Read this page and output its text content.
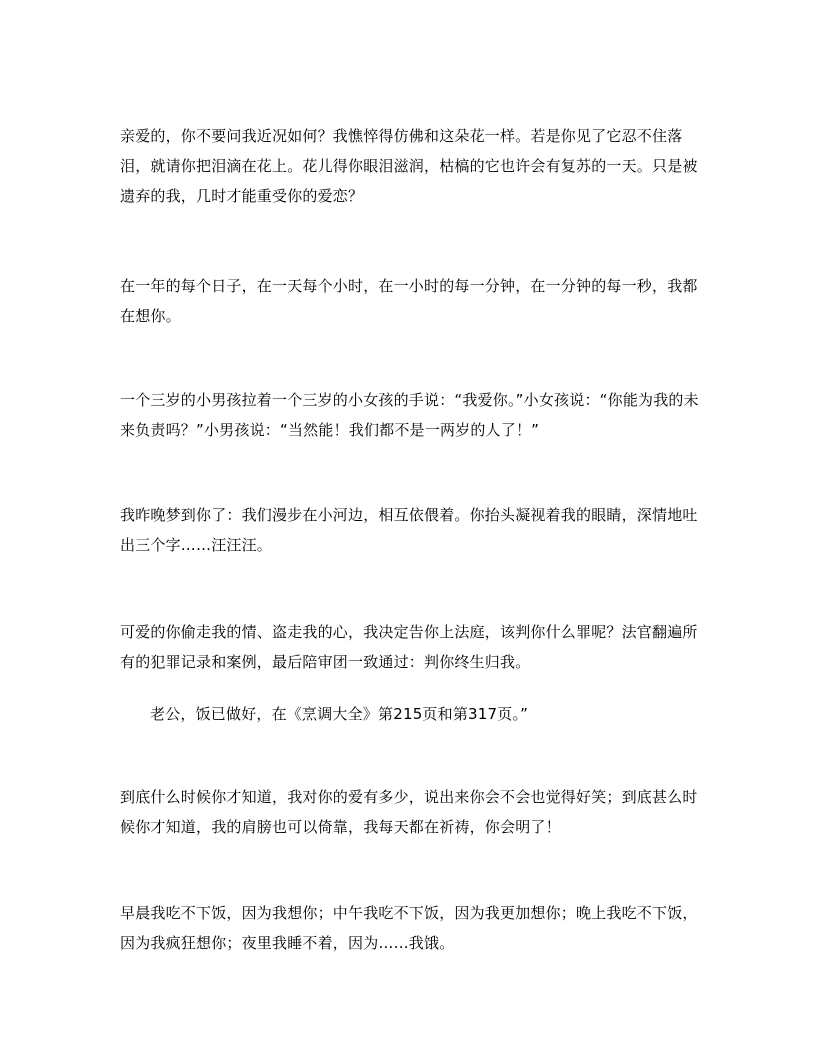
亲爱的，你不要问我近况如何？我憔悴得仿佛和这朵花一样。若是你见了它忍不住落泪，就请你把泪滴在花上。花儿得你眼泪滋润，枯槁的它也许会有复苏的一天。只是被遗弃的我，几时才能重受你的爱恋？
在一年的每个日子，在一天每个小时，在一小时的每一分钟，在一分钟的每一秒，我都在想你。
一个三岁的小男孩拉着一个三岁的小女孩的手说：“我爱你。”小女孩说：“你能为我的未来负责吗？”小男孩说：“当然能！我们都不是一两岁的人了！”
我昨晚梦到你了：我们漫步在小河边，相互依偎着。你抬头凝视着我的眼睛，深情地吐出三个字……汪汪汪。
可爱的你偷走我的情、盗走我的心，我决定告你上法庭，该判你什么罪呢？法官翻遍所有的犯罪记录和案例，最后陪审团一致通过：判你终生归我。
老公，饭已做好，在《烹调大全》第215页和第317页。”
到底什么时候你才知道，我对你的爱有多少，说出来你会不会也觉得好笑；到底甚么时候你才知道，我的肩膀也可以倚靠，我每天都在祈祷，你会明了！
早晨我吃不下饭，因为我想你；中午我吃不下饭，因为我更加想你；晚上我吃不下饭，因为我疯狂想你；夜里我睡不着，因为……我饿。
